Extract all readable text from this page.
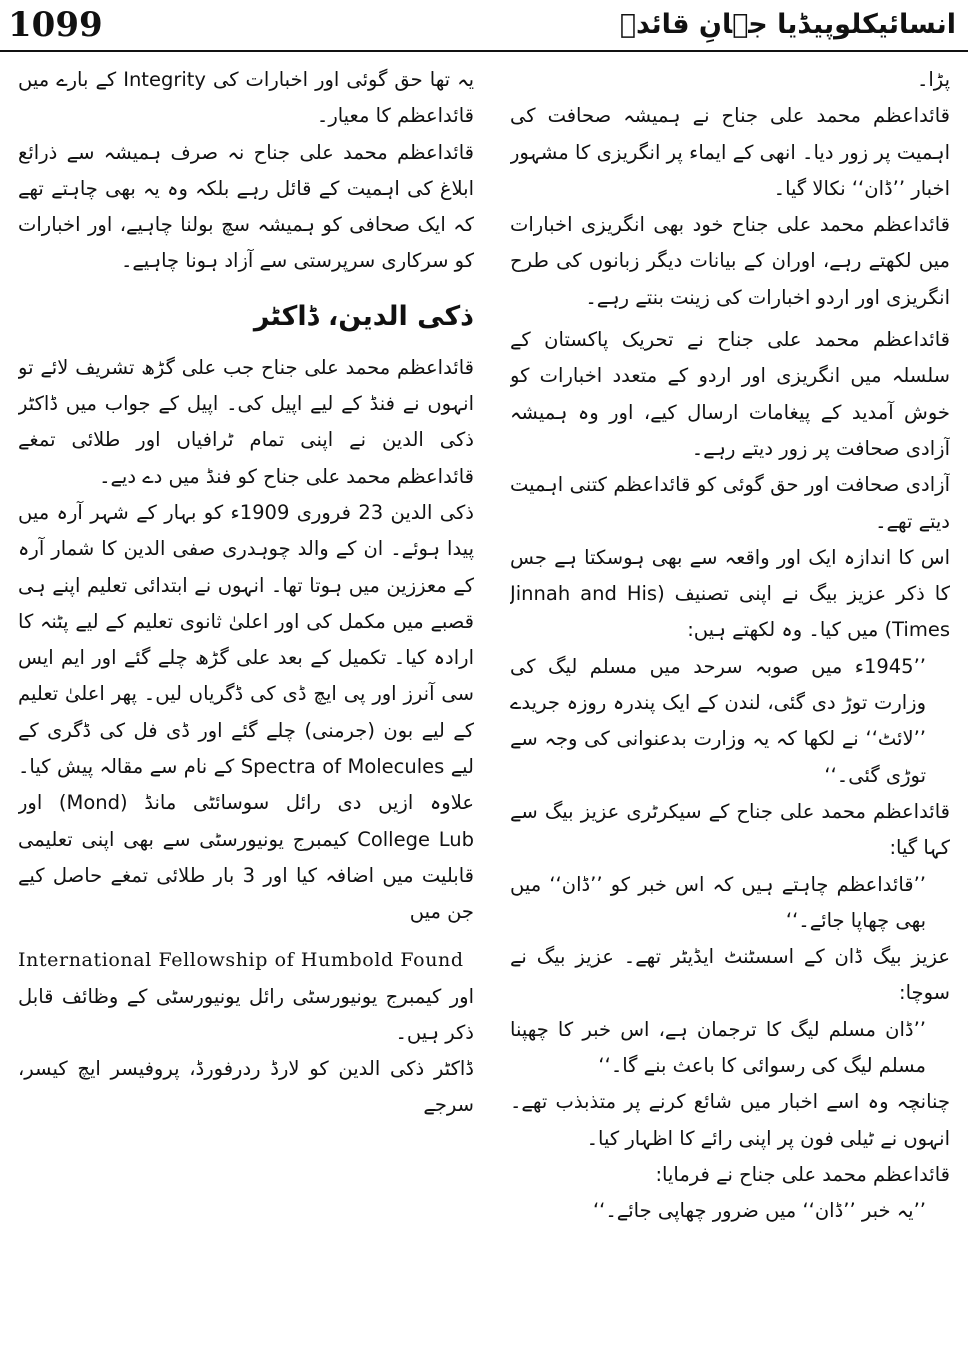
1099	انسائیکلوپیڈیا جہانِ قائدؒ

پڑا۔

قائداعظم محمد علی جناح نے ہمیشہ صحافت کی اہمیت پر زور دیا۔ انھی کے ایماء پر انگریزی کا مشہور اخبار ’’ڈان‘‘ نکالا گیا۔

قائداعظم محمد علی جناح خود بھی انگریزی اخبارات میں لکھتے رہے، اوران کے بیانات دیگر زبانوں کی طرح انگریزی اور اردو اخبارات کی زینت بنتے رہے۔

قائداعظم محمد علی جناح نے تحریک پاکستان کے سلسلہ میں انگریزی اور اردو کے متعدد اخبارات کو خوش آمدید کے پیغامات ارسال کیے، اور وہ ہمیشہ آزادی صحافت پر زور دیتے رہے۔

آزادی صحافت اور حق گوئی کو قائداعظم کتنی اہمیت دیتے تھے۔

اس کا اندازہ ایک اور واقعہ سے بھی ہوسکتا ہے جس کا ذکر عزیز بیگ نے اپنی تصنیف (Jinnah and His Times) میں کیا۔ وہ لکھتے ہیں:

’’1945ء میں صوبہ سرحد میں مسلم لیگ کی وزارت توڑ دی گئی، لندن کے ایک پندرہ روزہ جریدے ’’لائٹ‘‘ نے لکھا کہ یہ وزارت بدعنوانی کی وجہ سے توڑی گئی۔‘‘

قائداعظم محمد علی جناح کے سیکرٹری عزیز بیگ سے کہا گیا:

’’قائداعظم چاہتے ہیں کہ اس خبر کو ’’ڈان‘‘ میں بھی چھاپا جائے۔‘‘

عزیز بیگ ڈان کے اسسٹنٹ ایڈیٹر تھے۔ عزیز بیگ نے سوچا:

’’ڈان مسلم لیگ کا ترجمان ہے، اس خبر کا چھپنا مسلم لیگ کی رسوائی کا باعث بنے گا۔‘‘

چنانچہ وہ اسے اخبار میں شائع کرنے پر متذبذب تھے۔ انہوں نے ٹیلی فون پر اپنی رائے کا اظہار کیا۔

قائداعظم محمد علی جناح نے فرمایا:

’’یہ خبر ’’ڈان‘‘ میں ضرور چھاپی جائے۔‘‘

یہ تھا حق گوئی اور اخبارات کی Integrity کے بارے میں قائداعظم کا معیار۔

قائداعظم محمد علی جناح نہ صرف ہمیشہ سے ذرائع ابلاغ کی اہمیت کے قائل رہے بلکہ وہ یہ بھی چاہتے تھے کہ ایک صحافی کو ہمیشہ سچ بولنا چاہیے، اور اخبارات کو سرکاری سرپرستی سے آزاد ہونا چاہیے۔

ذکی الدین، ڈاکٹر

قائداعظم محمد علی جناح جب علی گڑھ تشریف لائے تو انہوں نے فنڈ کے لیے اپیل کی۔ اپیل کے جواب میں ڈاکٹر ذکی الدین نے اپنی تمام ٹرافیاں اور طلائی تمغے قائداعظم محمد علی جناح کو فنڈ میں دے دیے۔

ذکی الدین 23 فروری 1909ء کو بہار کے شہر آرہ میں پیدا ہوئے۔ ان کے والد چوہدری صفی الدین کا شمار آرہ کے معززین میں ہوتا تھا۔ انہوں نے ابتدائی تعلیم اپنے ہی قصبے میں مکمل کی اور اعلیٰ ثانوی تعلیم کے لیے پٹنہ کا ارادہ کیا۔ تکمیل کے بعد علی گڑھ چلے گئے اور ایم ایس سی آنرز اور پی ایچ ڈی کی ڈگریاں لیں۔ پھر اعلیٰ تعلیم کے لیے بون (جرمنی) چلے گئے اور ڈی فل کی ڈگری کے لیے Spectra of Molecules کے نام سے مقالہ پیش کیا۔ علاوہ ازیں دی رائل سوسائٹی مانڈ (Mond) اور College Lub کیمبرج یونیورسٹی سے بھی اپنی تعلیمی قابلیت میں اضافہ کیا اور 3 بار طلائی تمغے حاصل کیے جن میں

International Fellowship of Humbold Found

اور کیمبرج یونیورسٹی رائل یونیورسٹی کے وظائف قابل ذکر ہیں۔

ڈاکٹر ذکی الدین کو لارڈ ردرفورڈ، پروفیسر ایچ کیسر، سرجے
